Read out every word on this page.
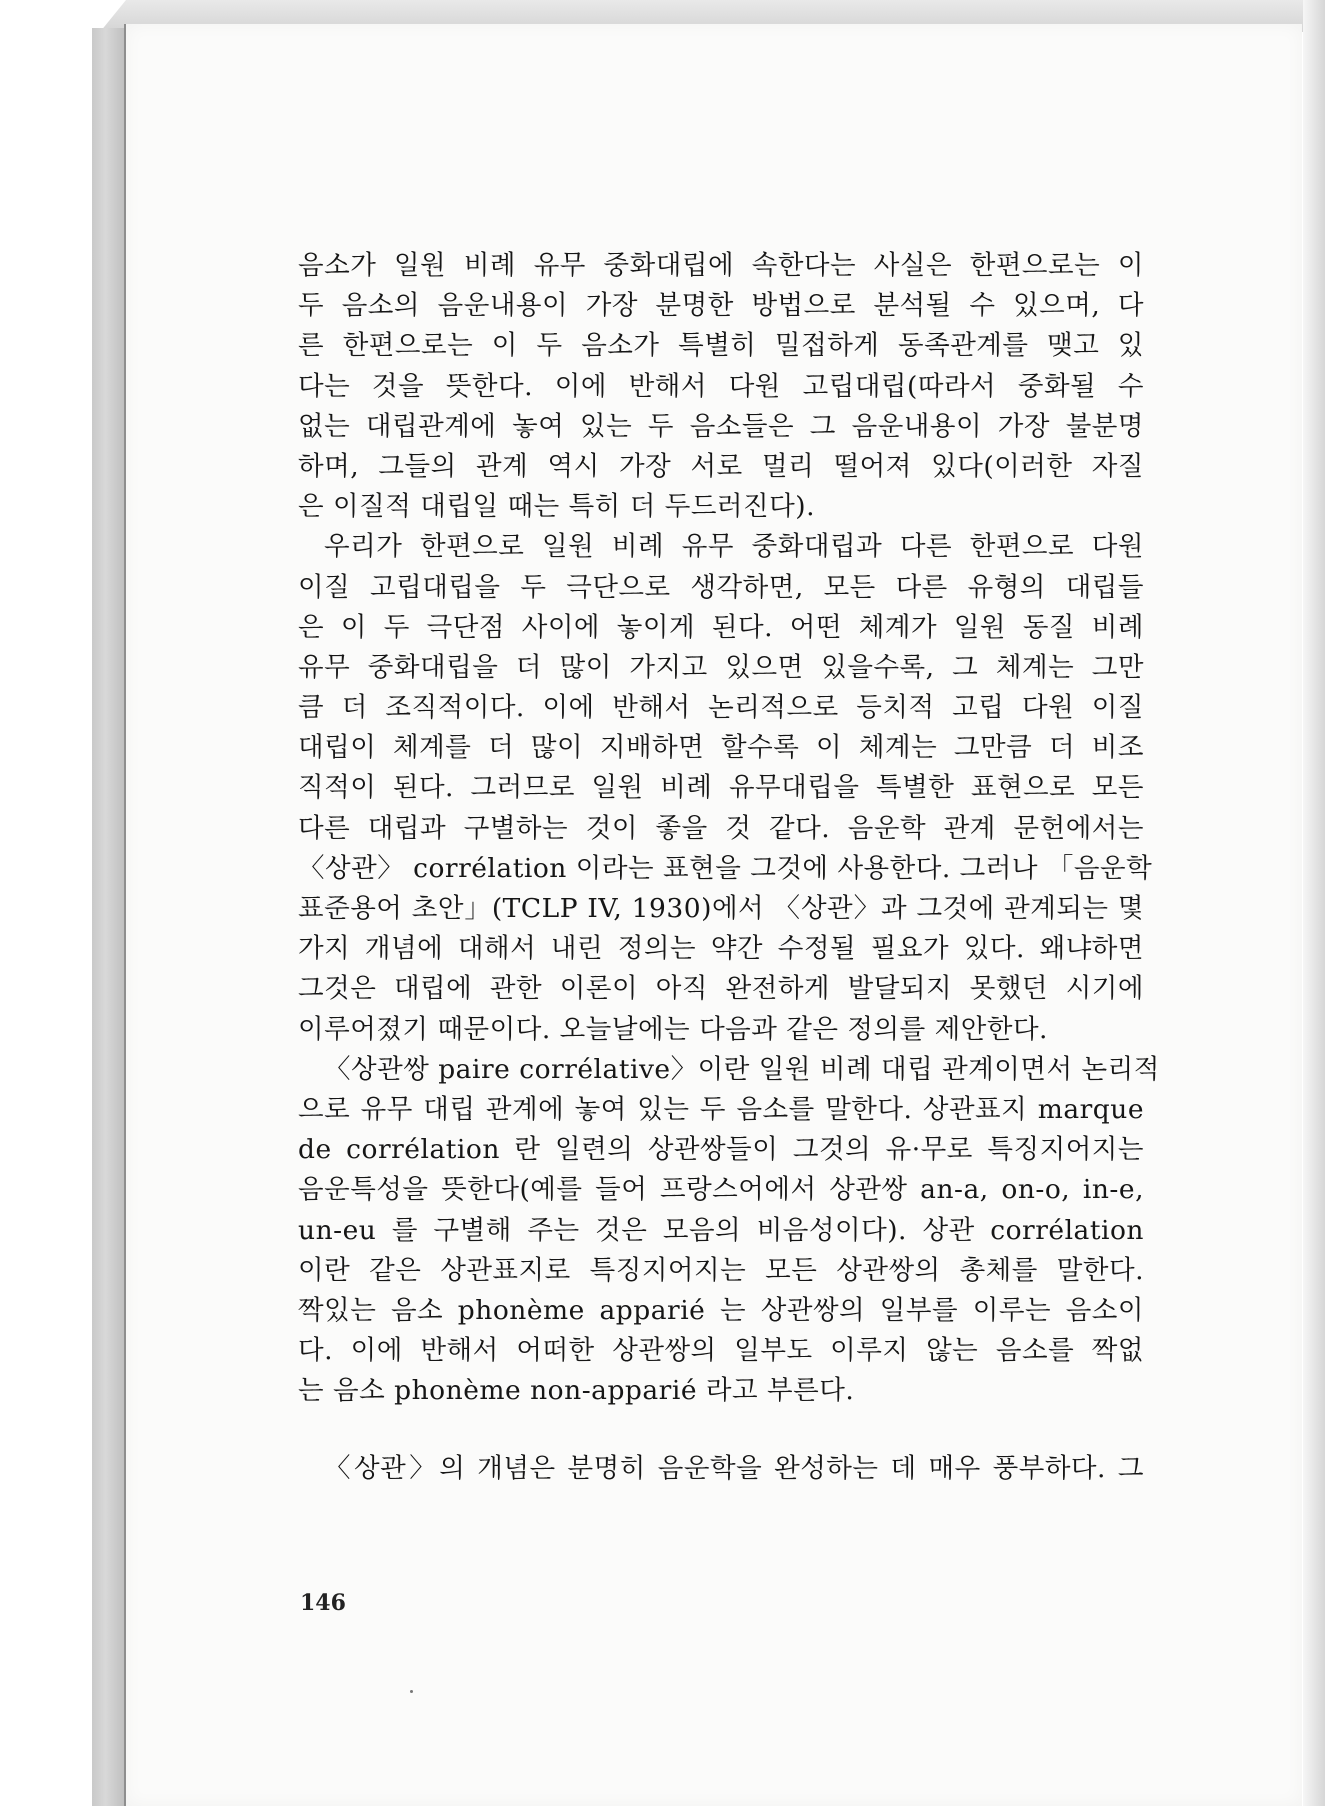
음소가 일원 비례 유무 중화대립에 속한다는 사실은 한편으로는 이
두 음소의 음운내용이 가장 분명한 방법으로 분석될 수 있으며, 다
른 한편으로는 이 두 음소가 특별히 밀접하게 동족관계를 맺고 있
다는 것을 뜻한다. 이에 반해서 다원 고립대립(따라서 중화될 수
없는 대립관계에 놓여 있는 두 음소들은 그 음운내용이 가장 불분명
하며, 그들의 관계 역시 가장 서로 멀리 떨어져 있다(이러한 자질
은 이질적 대립일 때는 특히 더 두드러진다).
우리가 한편으로 일원 비례 유무 중화대립과 다른 한편으로 다원
이질 고립대립을 두 극단으로 생각하면, 모든 다른 유형의 대립들
은 이 두 극단점 사이에 놓이게 된다. 어떤 체계가 일원 동질 비례
유무 중화대립을 더 많이 가지고 있으면 있을수록, 그 체계는 그만
큼 더 조직적이다. 이에 반해서 논리적으로 등치적 고립 다원 이질
대립이 체계를 더 많이 지배하면 할수록 이 체계는 그만큼 더 비조
직적이 된다. 그러므로 일원 비례 유무대립을 특별한 표현으로 모든
다른 대립과 구별하는 것이 좋을 것 같다. 음운학 관계 문헌에서는
〈상관〉 corrélation 이라는 표현을 그것에 사용한다. 그러나 「음운학
표준용어 초안」(TCLP IV, 1930)에서 〈상관〉과 그것에 관계되는 몇
가지 개념에 대해서 내린 정의는 약간 수정될 필요가 있다. 왜냐하면
그것은 대립에 관한 이론이 아직 완전하게 발달되지 못했던 시기에
이루어졌기 때문이다. 오늘날에는 다음과 같은 정의를 제안한다.
〈상관쌍 paire corrélative〉이란 일원 비례 대립 관계이면서 논리적
으로 유무 대립 관계에 놓여 있는 두 음소를 말한다. 상관표지 marque
de corrélation 란 일련의 상관쌍들이 그것의 유·무로 특징지어지는
음운특성을 뜻한다(예를 들어 프랑스어에서 상관쌍 an-a, on-o, in-e,
un-eu 를 구별해 주는 것은 모음의 비음성이다). 상관 corrélation
이란 같은 상관표지로 특징지어지는 모든 상관쌍의 총체를 말한다.
짝있는 음소 phonème apparié 는 상관쌍의 일부를 이루는 음소이
다. 이에 반해서 어떠한 상관쌍의 일부도 이루지 않는 음소를 짝없
는 음소 phonème non-apparié 라고 부른다.
〈상관〉의 개념은 분명히 음운학을 완성하는 데 매우 풍부하다. 그
146
